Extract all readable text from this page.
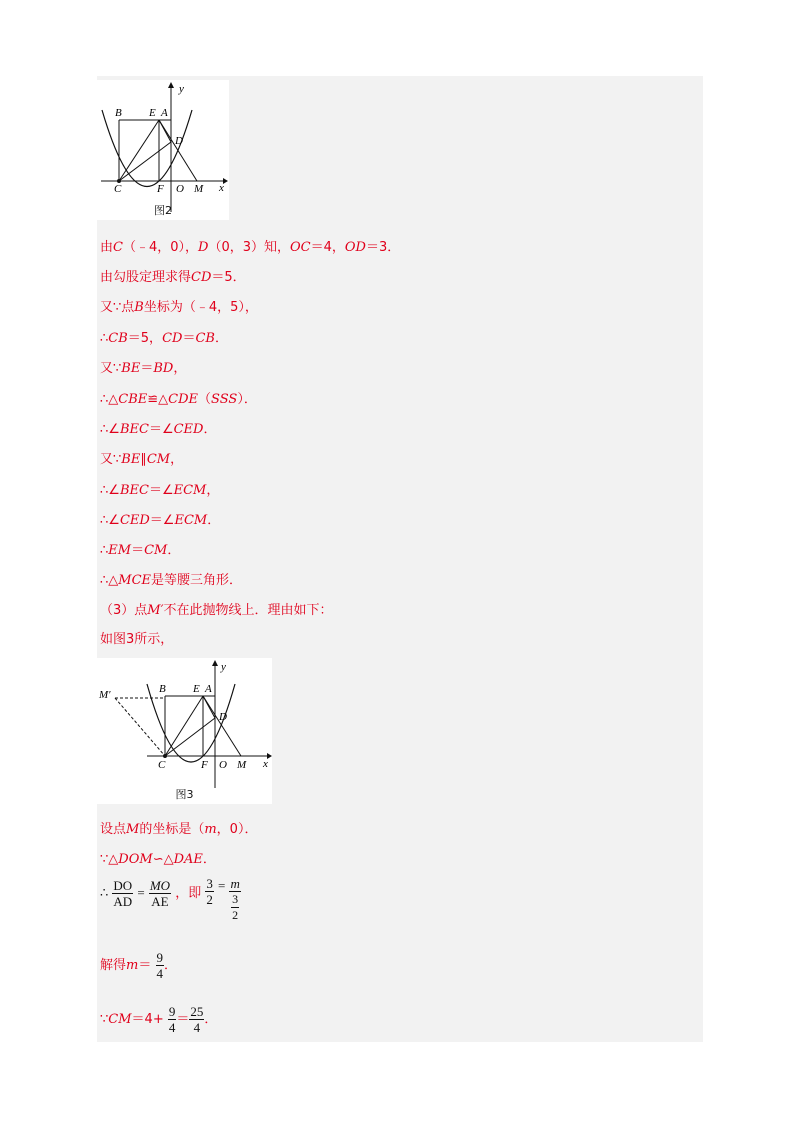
y
x
B E A
D
C	F O M
图2
由C（﹣4，0），D（0，3）知，OC＝4，OD＝3．
由勾股定理求得CD＝5．
又∵点B坐标为（﹣4，5），
∴CB＝5，CD＝CB．
又∵BE＝BD，
∴△CBE≌△CDE（SSS）．
∴∠BEC＝∠CED．
又∵BE∥CM，
∴∠BEC＝∠ECM，
∴∠CED＝∠ECM．
∴EM＝CM．
∴△MCE是等腰三角形．
（3）点M′不在此抛物线上．理由如下：
如图3所示，
y
x
M′	B E A
D
C	F O M
图3
设点M的坐标是（m，0）．
∵△DOM∽△DAE．
∴ $\frac{DO}{AD} = \frac{MO}{AE}$ ，即 $\frac{3}{2} = \frac{m}{\frac{3}{2}}$
解得$m= \frac{9}{4}$ ．
∵CM＝4+ $\frac{9}{4} = \frac{25}{4}$ ．
